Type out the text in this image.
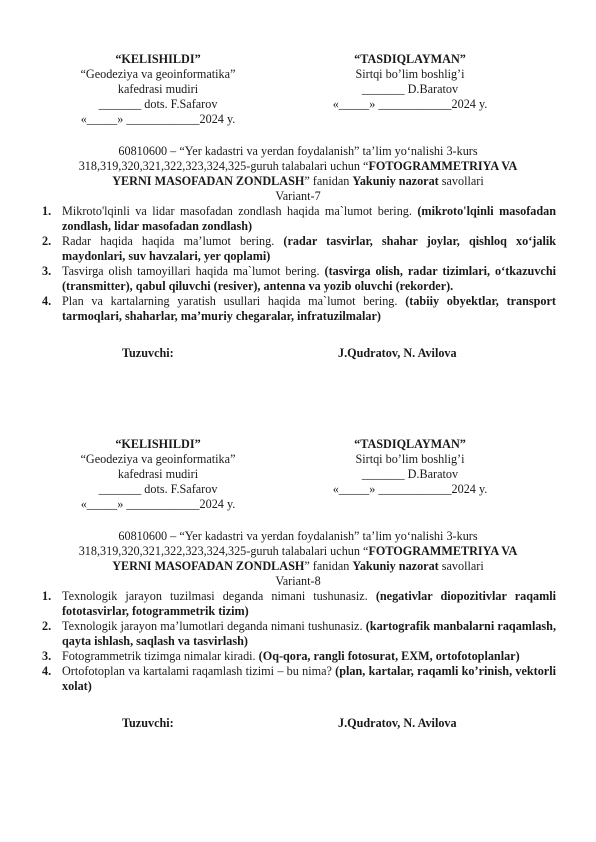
“KELISHILDI”
“Geodeziya va geoinformatika”
kafedrasi mudiri
_______ dots. F.Safarov
«_____» ____________2024 y.
“TASDIQLAYMAN”
Sirtqi bo’lim boshlig’i
_______ D.Baratov
«_____» ____________2024 y.
60810600 – “Yer kadastri va yerdan foydalanish” ta’lim yo‘nalishi 3-kurs
318,319,320,321,322,323,324,325-guruh talabalari uchun “FOTOGRAMMETRIYA VA
YERNI MASOFADAN ZONDLASH” fanidan Yakuniy nazorat savollari
Variant-7
1. Mikroto'lqinli va lidar masofadan zondlash haqida ma`lumot bering. (mikroto'lqinli masofadan zondlash, lidar masofadan zondlash)
2. Radar haqida haqida ma’lumot bering. (radar tasvirlar, shahar joylar, qishloq xo‘jalik maydonlari, suv havzalari, yer qoplami)
3. Tasvirga olish tamoyillari haqida ma`lumot bering. (tasvirga olish, radar tizimlari, o‘tkazuvchi (transmitter), qabul qiluvchi (resiver), antenna va yozib oluvchi (rekorder).
4. Plan va kartalarning yaratish usullari haqida ma`lumot bering. (tabiiy obyektlar, transport tarmoqlari, shaharlar, ma’muriy chegaralar, infratuzilmalar)
Tuzuvchi:	J.Qudratov, N. Avilova
“KELISHILDI”
“Geodeziya va geoinformatika”
kafedrasi mudiri
_______ dots. F.Safarov
«_____» ____________2024 y.
“TASDIQLAYMAN”
Sirtqi bo’lim boshlig’i
_______ D.Baratov
«_____» ____________2024 y.
60810600 – “Yer kadastri va yerdan foydalanish” ta’lim yo‘nalishi 3-kurs
318,319,320,321,322,323,324,325-guruh talabalari uchun “FOTOGRAMMETRIYA VA
YERNI MASOFADAN ZONDLASH” fanidan Yakuniy nazorat savollari
Variant-8
1. Texnologik jarayon tuzilmasi deganda nimani tushunasiz. (negativlar diopozitivlar raqamli fototasvirlar, fotogrammetrik tizim)
2. Texnologik jarayon ma’lumotlari deganda nimani tushunasiz. (kartografik manbalarni raqamlash, qayta ishlash, saqlash va tasvirlash)
3. Fotogrammetrik tizimga nimalar kiradi. (Oq-qora, rangli fotosurat, EXM, ortofotoplanlar)
4. Ortofotoplan va kartalami raqamlash tizimi – bu nima? (plan, kartalar, raqamli ko’rinish, vektorli xolat)
Tuzuvchi:	J.Qudratov, N. Avilova
